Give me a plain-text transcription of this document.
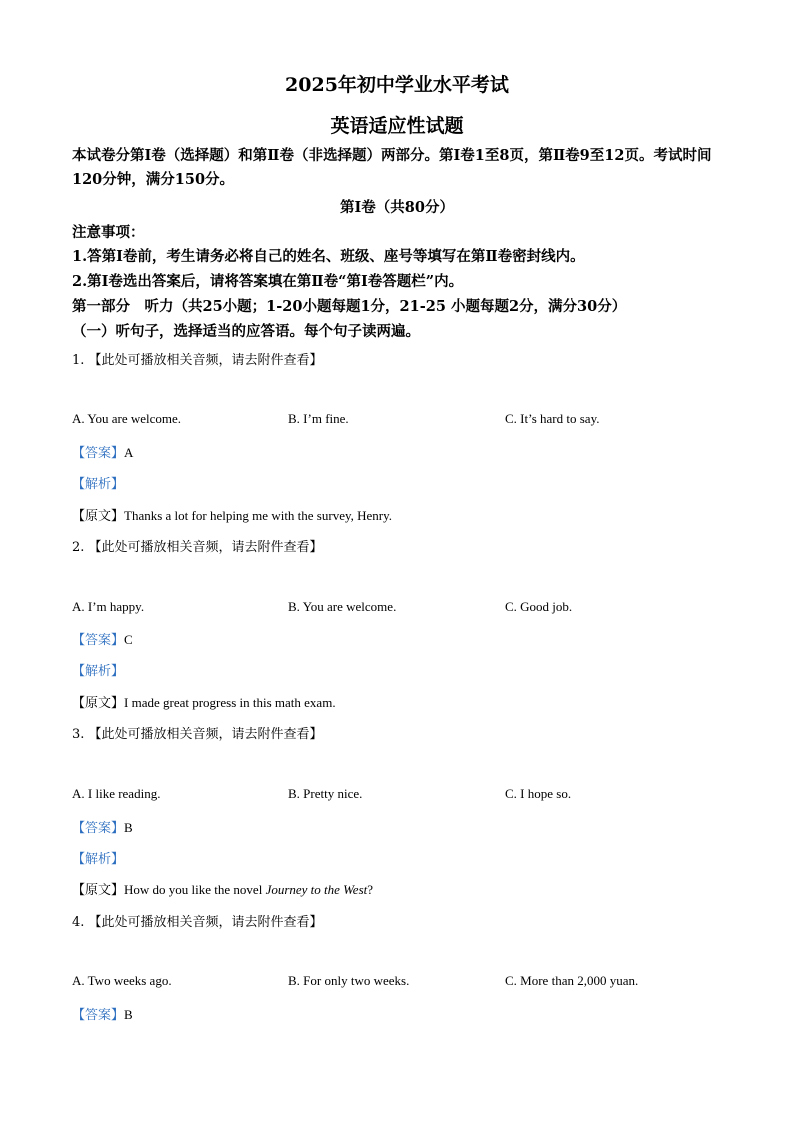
2025年初中学业水平考试
英语适应性试题
本试卷分第Ⅰ卷（选择题）和第Ⅱ卷（非选择题）两部分。第Ⅰ卷1至8页，第Ⅱ卷9至12页。考试时间120分钟，满分150分。
第Ⅰ卷（共80分）
注意事项：
1.答第Ⅰ卷前，考生请务必将自己的姓名、班级、座号等填写在第Ⅱ卷密封线内。
2.第Ⅰ卷选出答案后，请将答案填在第Ⅱ卷“第Ⅰ卷答题栏”内。
第一部分　听力（共25小题；1-20小题每题1分，21-25 小题每题2分，满分30分）
（一）听句子，选择适当的应答语。每个句子读两遍。
1. 【此处可播放相关音频，请去附件查看】
A. You are welcome.	B. I’m fine.	C. It’s hard to say.
【答案】A
【解析】
【原文】Thanks a lot for helping me with the survey, Henry.
2. 【此处可播放相关音频，请去附件查看】
A. I’m happy.	B. You are welcome.	C. Good job.
【答案】C
【解析】
【原文】I made great progress in this math exam.
3. 【此处可播放相关音频，请去附件查看】
A. I like reading.	B. Pretty nice.	C. I hope so.
【答案】B
【解析】
【原文】How do you like the novel Journey to the West?
4. 【此处可播放相关音频，请去附件查看】
A. Two weeks ago.	B. For only two weeks.	C. More than 2,000 yuan.
【答案】B
